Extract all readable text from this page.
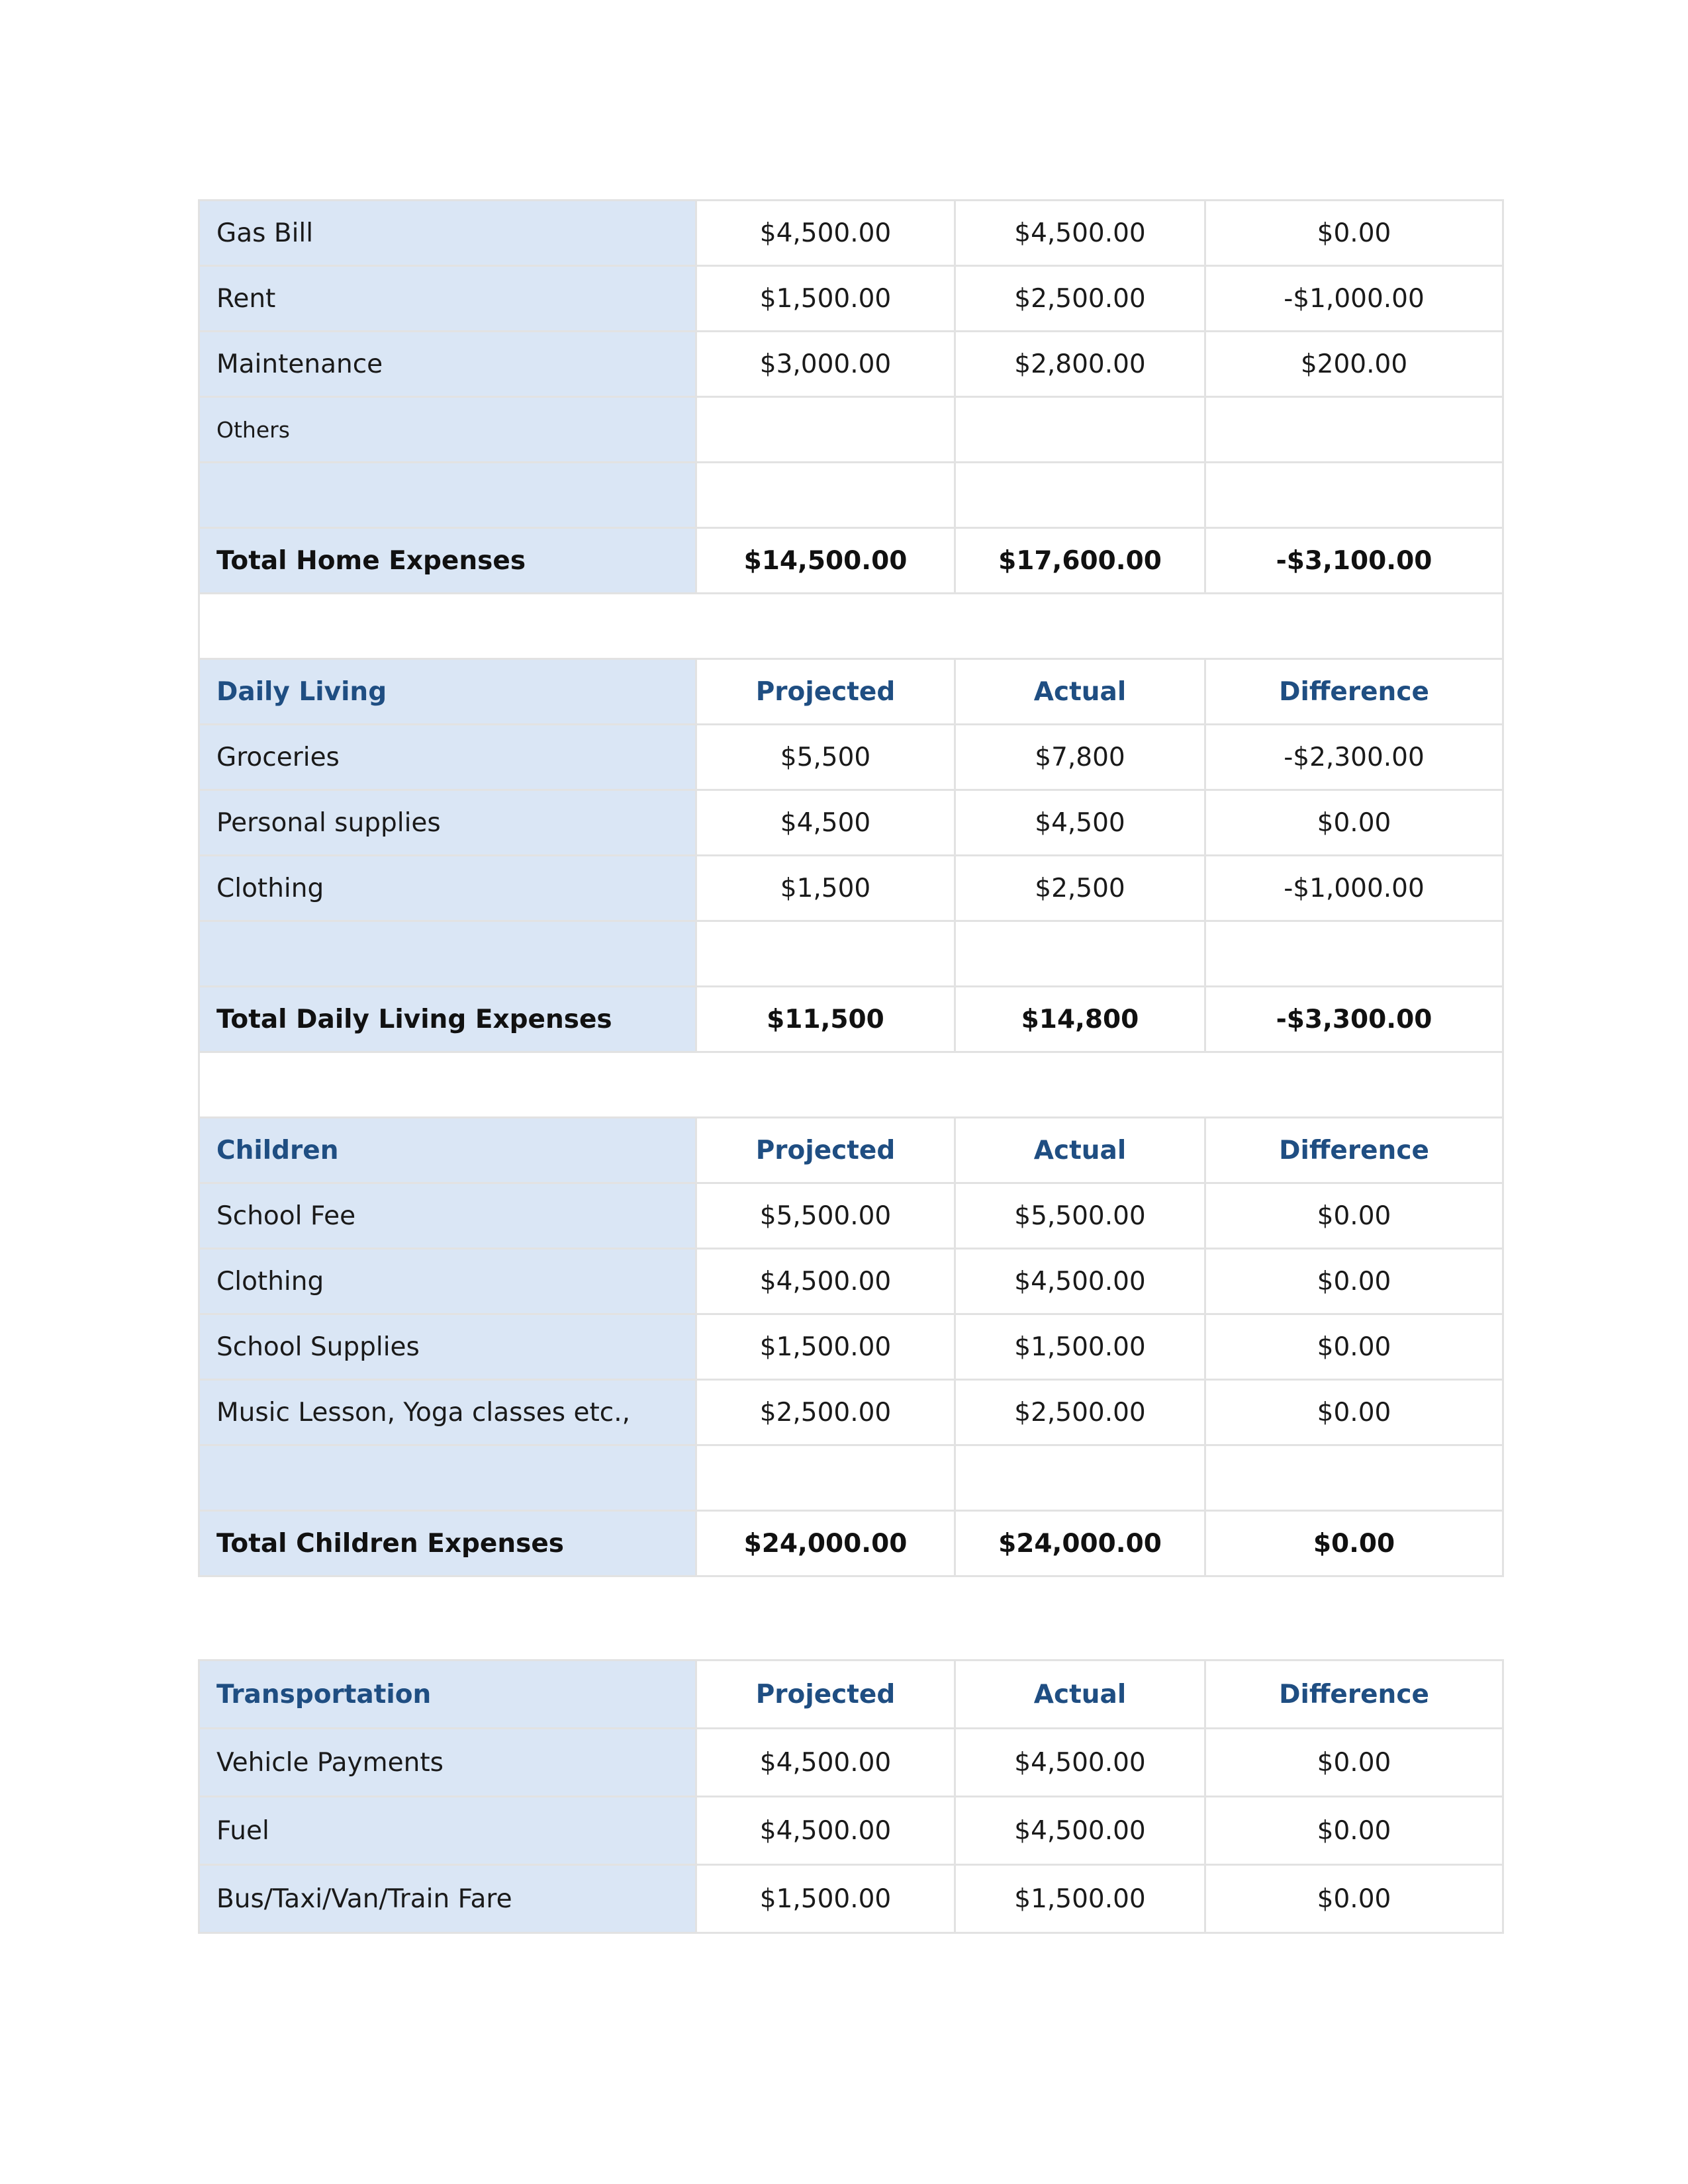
Gas Bill	$4,500.00	$4,500.00	$0.00
Rent	$1,500.00	$2,500.00	-$1,000.00
Maintenance	$3,000.00	$2,800.00	$200.00
Others			

Total Home Expenses	$14,500.00	$17,600.00	-$3,100.00

Daily Living	Projected	Actual	Difference
Groceries	$5,500	$7,800	-$2,300.00
Personal supplies	$4,500	$4,500	$0.00
Clothing	$1,500	$2,500	-$1,000.00

Total Daily Living Expenses	$11,500	$14,800	-$3,300.00

Children	Projected	Actual	Difference
School Fee	$5,500.00	$5,500.00	$0.00
Clothing	$4,500.00	$4,500.00	$0.00
School Supplies	$1,500.00	$1,500.00	$0.00
Music Lesson, Yoga classes etc.,	$2,500.00	$2,500.00	$0.00

Total Children Expenses	$24,000.00	$24,000.00	$0.00
Transportation	Projected	Actual	Difference
Vehicle Payments	$4,500.00	$4,500.00	$0.00
Fuel	$4,500.00	$4,500.00	$0.00
Bus/Taxi/Van/Train Fare	$1,500.00	$1,500.00	$0.00
